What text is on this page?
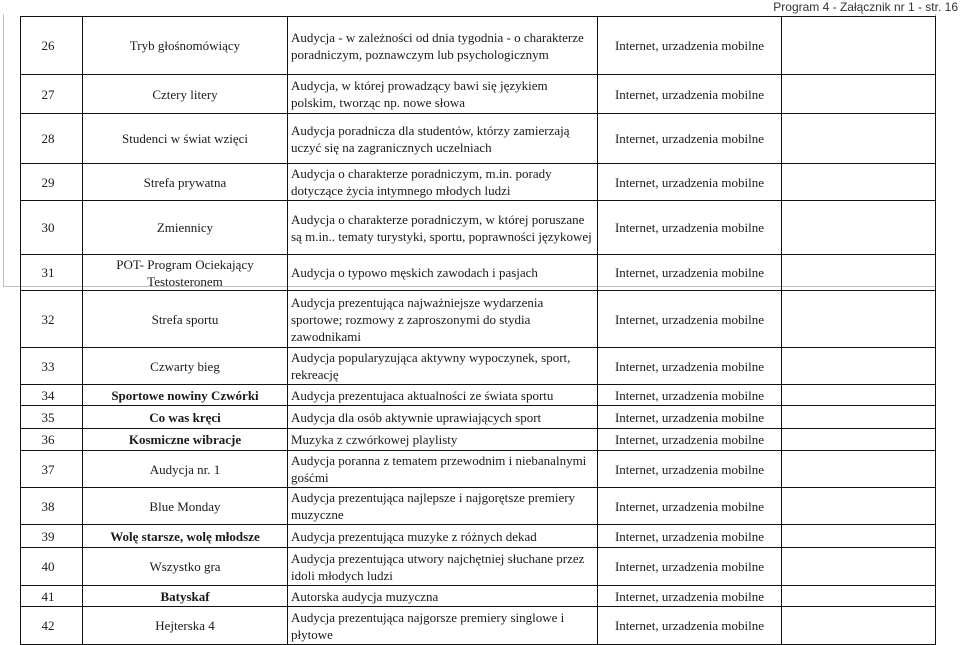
Program 4 - Załącznik nr 1 - str. 16
26	Tryb głośnomówiący	Audycja - w zależności od dnia tygodnia - o charakterze poradniczym, poznawczym lub psychologicznym	Internet, urzadzenia mobilne	
27	Cztery litery	Audycja, w której prowadzący bawi się językiem polskim, tworząc np. nowe słowa	Internet, urzadzenia mobilne	
28	Studenci w świat wzięci	Audycja poradnicza dla studentów, którzy zamierzają uczyć się na zagranicznych uczelniach	Internet, urzadzenia mobilne	
29	Strefa prywatna	Audycja o charakterze poradniczym, m.in. porady dotyczące życia intymnego młodych ludzi	Internet, urzadzenia mobilne	
30	Zmiennicy	Audycja o charakterze poradniczym, w której poruszane są m.in.. tematy turystyki, sportu, poprawności językowej	Internet, urzadzenia mobilne	
31	POT- Program Ociekający Testosteronem	Audycja o typowo męskich zawodach i pasjach	Internet, urzadzenia mobilne	
32	Strefa sportu	Audycja prezentująca najważniejsze wydarzenia sportowe; rozmowy z zaproszonymi do stydia zawodnikami	Internet, urzadzenia mobilne	
33	Czwarty bieg	Audycja popularyzująca aktywny wypoczynek, sport, rekreację	Internet, urzadzenia mobilne	
34	Sportowe nowiny Czwórki	Audycja prezentujaca aktualności ze świata sportu	Internet, urzadzenia mobilne	
35	Co was kręci	Audycja dla osób aktywnie uprawiających sport	Internet, urzadzenia mobilne	
36	Kosmiczne wibracje	Muzyka z czwórkowej playlisty	Internet, urzadzenia mobilne	
37	Audycja nr. 1	Audycja poranna z tematem przewodnim i niebanalnymi gośćmi	Internet, urzadzenia mobilne	
38	Blue Monday	Audycja prezentująca najlepsze i najgorętsze premiery muzyczne	Internet, urzadzenia mobilne	
39	Wolę starsze, wolę młodsze	Audycja prezentująca muzyke z różnych dekad	Internet, urzadzenia mobilne	
40	Wszystko gra	Audycja prezentująca utwory najchętniej słuchane przez idoli młodych ludzi	Internet, urzadzenia mobilne	
41	Batyskaf	Autorska audycja muzyczna	Internet, urzadzenia mobilne	
42	Hejterska 4	Audycja prezentująca najgorsze premiery singlowe i płytowe	Internet, urzadzenia mobilne	
